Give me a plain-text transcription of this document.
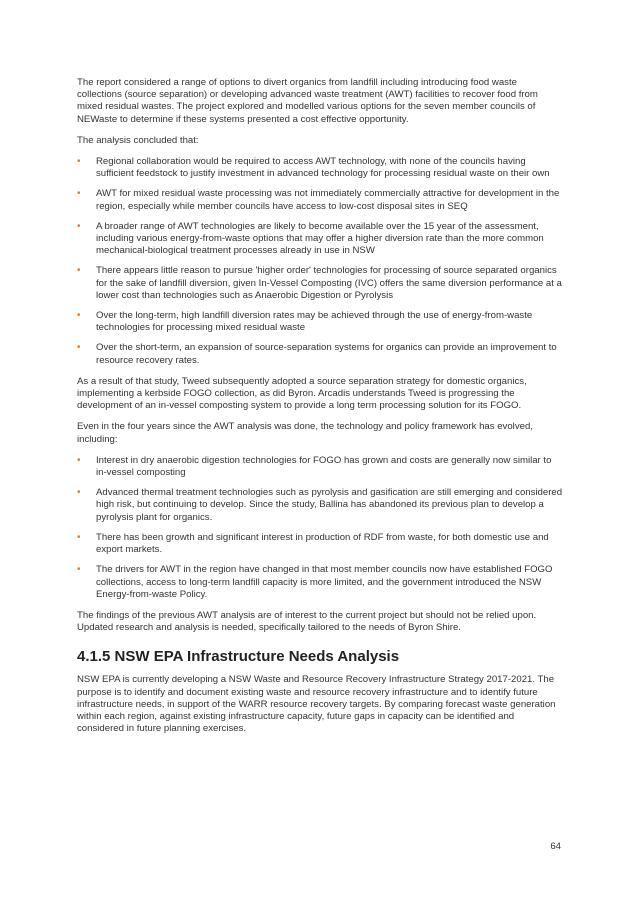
The report considered a range of options to divert organics from landfill including introducing food waste collections (source separation) or developing advanced waste treatment (AWT) facilities to recover food from mixed residual wastes. The project explored and modelled various options for the seven member councils of NEWaste to determine if these systems presented a cost effective opportunity.

The analysis concluded that:

• Regional collaboration would be required to access AWT technology, with none of the councils having sufficient feedstock to justify investment in advanced technology for processing residual waste on their own
• AWT for mixed residual waste processing was not immediately commercially attractive for development in the region, especially while member councils have access to low-cost disposal sites in SEQ
• A broader range of AWT technologies are likely to become available over the 15 year of the assessment, including various energy-from-waste options that may offer a higher diversion rate than the more common mechanical-biological treatment processes already in use in NSW
• There appears little reason to pursue 'higher order' technologies for processing of source separated organics for the sake of landfill diversion, given In-Vessel Composting (IVC) offers the same diversion performance at a lower cost than technologies such as Anaerobic Digestion or Pyrolysis
• Over the long-term, high landfill diversion rates may be achieved through the use of energy-from-waste technologies for processing mixed residual waste
• Over the short-term, an expansion of source-separation systems for organics can provide an improvement to resource recovery rates.

As a result of that study, Tweed subsequently adopted a source separation strategy for domestic organics, implementing a kerbside FOGO collection, as did Byron. Arcadis understands Tweed is progressing the development of an in-vessel composting system to provide a long term processing solution for its FOGO.

Even in the four years since the AWT analysis was done, the technology and policy framework has evolved, including:

• Interest in dry anaerobic digestion technologies for FOGO has grown and costs are generally now similar to in-vessel composting
• Advanced thermal treatment technologies such as pyrolysis and gasification are still emerging and considered high risk, but continuing to develop. Since the study, Ballina has abandoned its previous plan to develop a pyrolysis plant for organics.
• There has been growth and significant interest in production of RDF from waste, for both domestic use and export markets.
• The drivers for AWT in the region have changed in that most member councils now have established FOGO collections, access to long-term landfill capacity is more limited, and the government introduced the NSW Energy-from-waste Policy.

The findings of the previous AWT analysis are of interest to the current project but should not be relied upon. Updated research and analysis is needed, specifically tailored to the needs of Byron Shire.

4.1.5 NSW EPA Infrastructure Needs Analysis

NSW EPA is currently developing a NSW Waste and Resource Recovery Infrastructure Strategy 2017-2021. The purpose is to identify and document existing waste and resource recovery infrastructure and to identify future infrastructure needs, in support of the WARR resource recovery targets. By comparing forecast waste generation within each region, against existing infrastructure capacity, future gaps in capacity can be identified and considered in future planning exercises.

64
